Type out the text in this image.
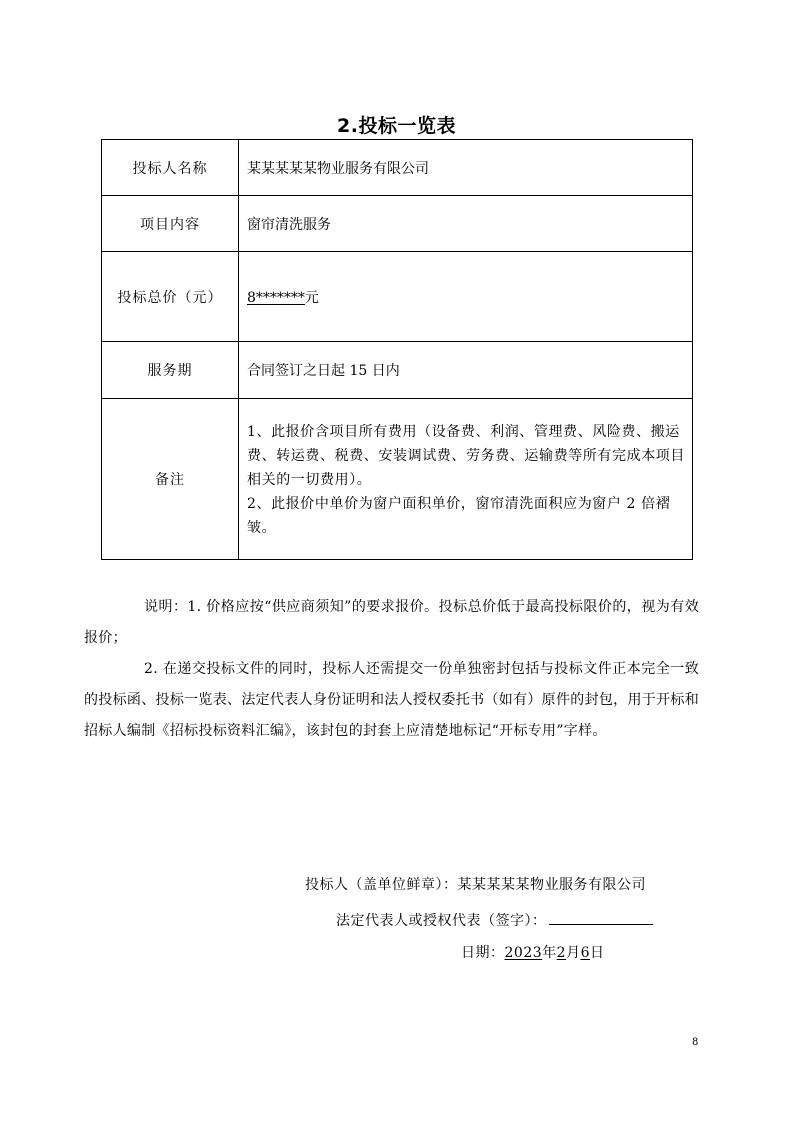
2.投标一览表
投标人名称	某某某某某物业服务有限公司
项目内容	窗帘清洗服务
投标总价（元）	8*******元
服务期	合同签订之日起 15 日内
备注	1、此报价含项目所有费用（设备费、利润、管理费、风险费、搬运费、转运费、税费、安装调试费、劳务费、运输费等所有完成本项目相关的一切费用）。
2、此报价中单价为窗户面积单价，窗帘清洗面积应为窗户 2 倍褶皱。

说明：1. 价格应按“供应商须知”的要求报价。投标总价低于最高投标限价的，视为有效报价；

2. 在递交投标文件的同时，投标人还需提交一份单独密封包括与投标文件正本完全一致的投标函、投标一览表、法定代表人身份证明和法人授权委托书（如有）原件的封包，用于开标和招标人编制《招标投标资料汇编》，该封包的封套上应清楚地标记“开标专用”字样。

投标人（盖单位鲜章）：某某某某某物业服务有限公司
法定代表人或授权代表（签字）：
日期：2023年2月6日
8
